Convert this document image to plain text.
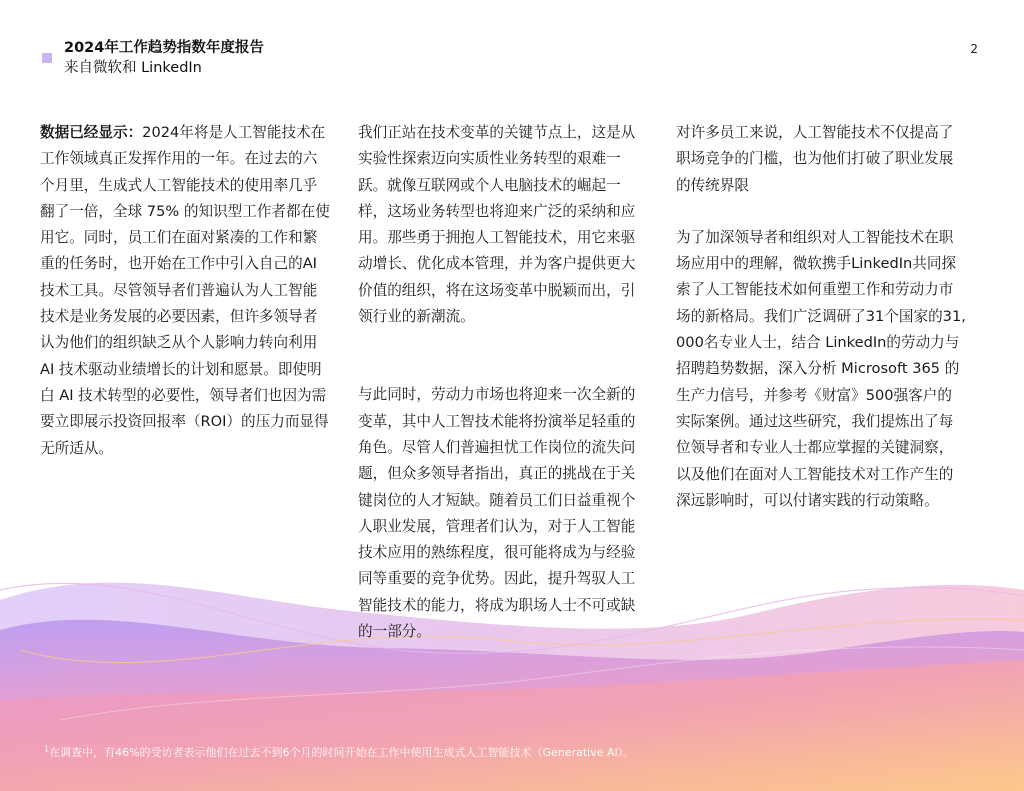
2024年工作趋势指数年度报告
来自微软和 LinkedIn
2

数据已经显示：2024年将是人工智能技术在工作领域真正发挥作用的一年。在过去的六个月里，生成式人工智能技术的使用率几乎翻了一倍，全球 75% 的知识型工作者都在使用它。同时，员工们在面对紧凑的工作和繁重的任务时，也开始在工作中引入自己的AI技术工具。尽管领导者们普遍认为人工智能技术是业务发展的必要因素，但许多领导者认为他们的组织缺乏从个人影响力转向利用 AI 技术驱动业绩增长的计划和愿景。即使明白 AI 技术转型的必要性，领导者们也因为需要立即展示投资回报率（ROI）的压力而显得无所适从。

我们正站在技术变革的关键节点上，这是从实验性探索迈向实质性业务转型的艰难一跃。就像互联网或个人电脑技术的崛起一样，这场业务转型也将迎来广泛的采纳和应用。那些勇于拥抱人工智能技术，用它来驱动增长、优化成本管理，并为客户提供更大价值的组织，将在这场变革中脱颖而出，引领行业的新潮流。

与此同时，劳动力市场也将迎来一次全新的变革，其中人工智技术能将扮演举足轻重的角色。尽管人们普遍担忧工作岗位的流失问题，但众多领导者指出，真正的挑战在于关键岗位的人才短缺。随着员工们日益重视个人职业发展，管理者们认为，对于人工智能技术应用的熟练程度，很可能将成为与经验同等重要的竞争优势。因此，提升驾驭人工智能技术的能力，将成为职场人士不可或缺的一部分。

对许多员工来说，人工智能技术不仅提高了职场竞争的门槛，也为他们打破了职业发展的传统界限

为了加深领导者和组织对人工智能技术在职场应用中的理解，微软携手LinkedIn共同探索了人工智能技术如何重塑工作和劳动力市场的新格局。我们广泛调研了31个国家的31,000名专业人士，结合 LinkedIn的劳动力与招聘趋势数据，深入分析 Microsoft 365 的生产力信号，并参考《财富》500强客户的实际案例。通过这些研究，我们提炼出了每位领导者和专业人士都应掌握的关键洞察，以及他们在面对人工智能技术对工作产生的深远影响时，可以付诸实践的行动策略。

$^1$在调查中，有46%的受访者表示他们在过去不到6个月的时间开始在工作中使用生成式人工智能技术（Generative AI）。
